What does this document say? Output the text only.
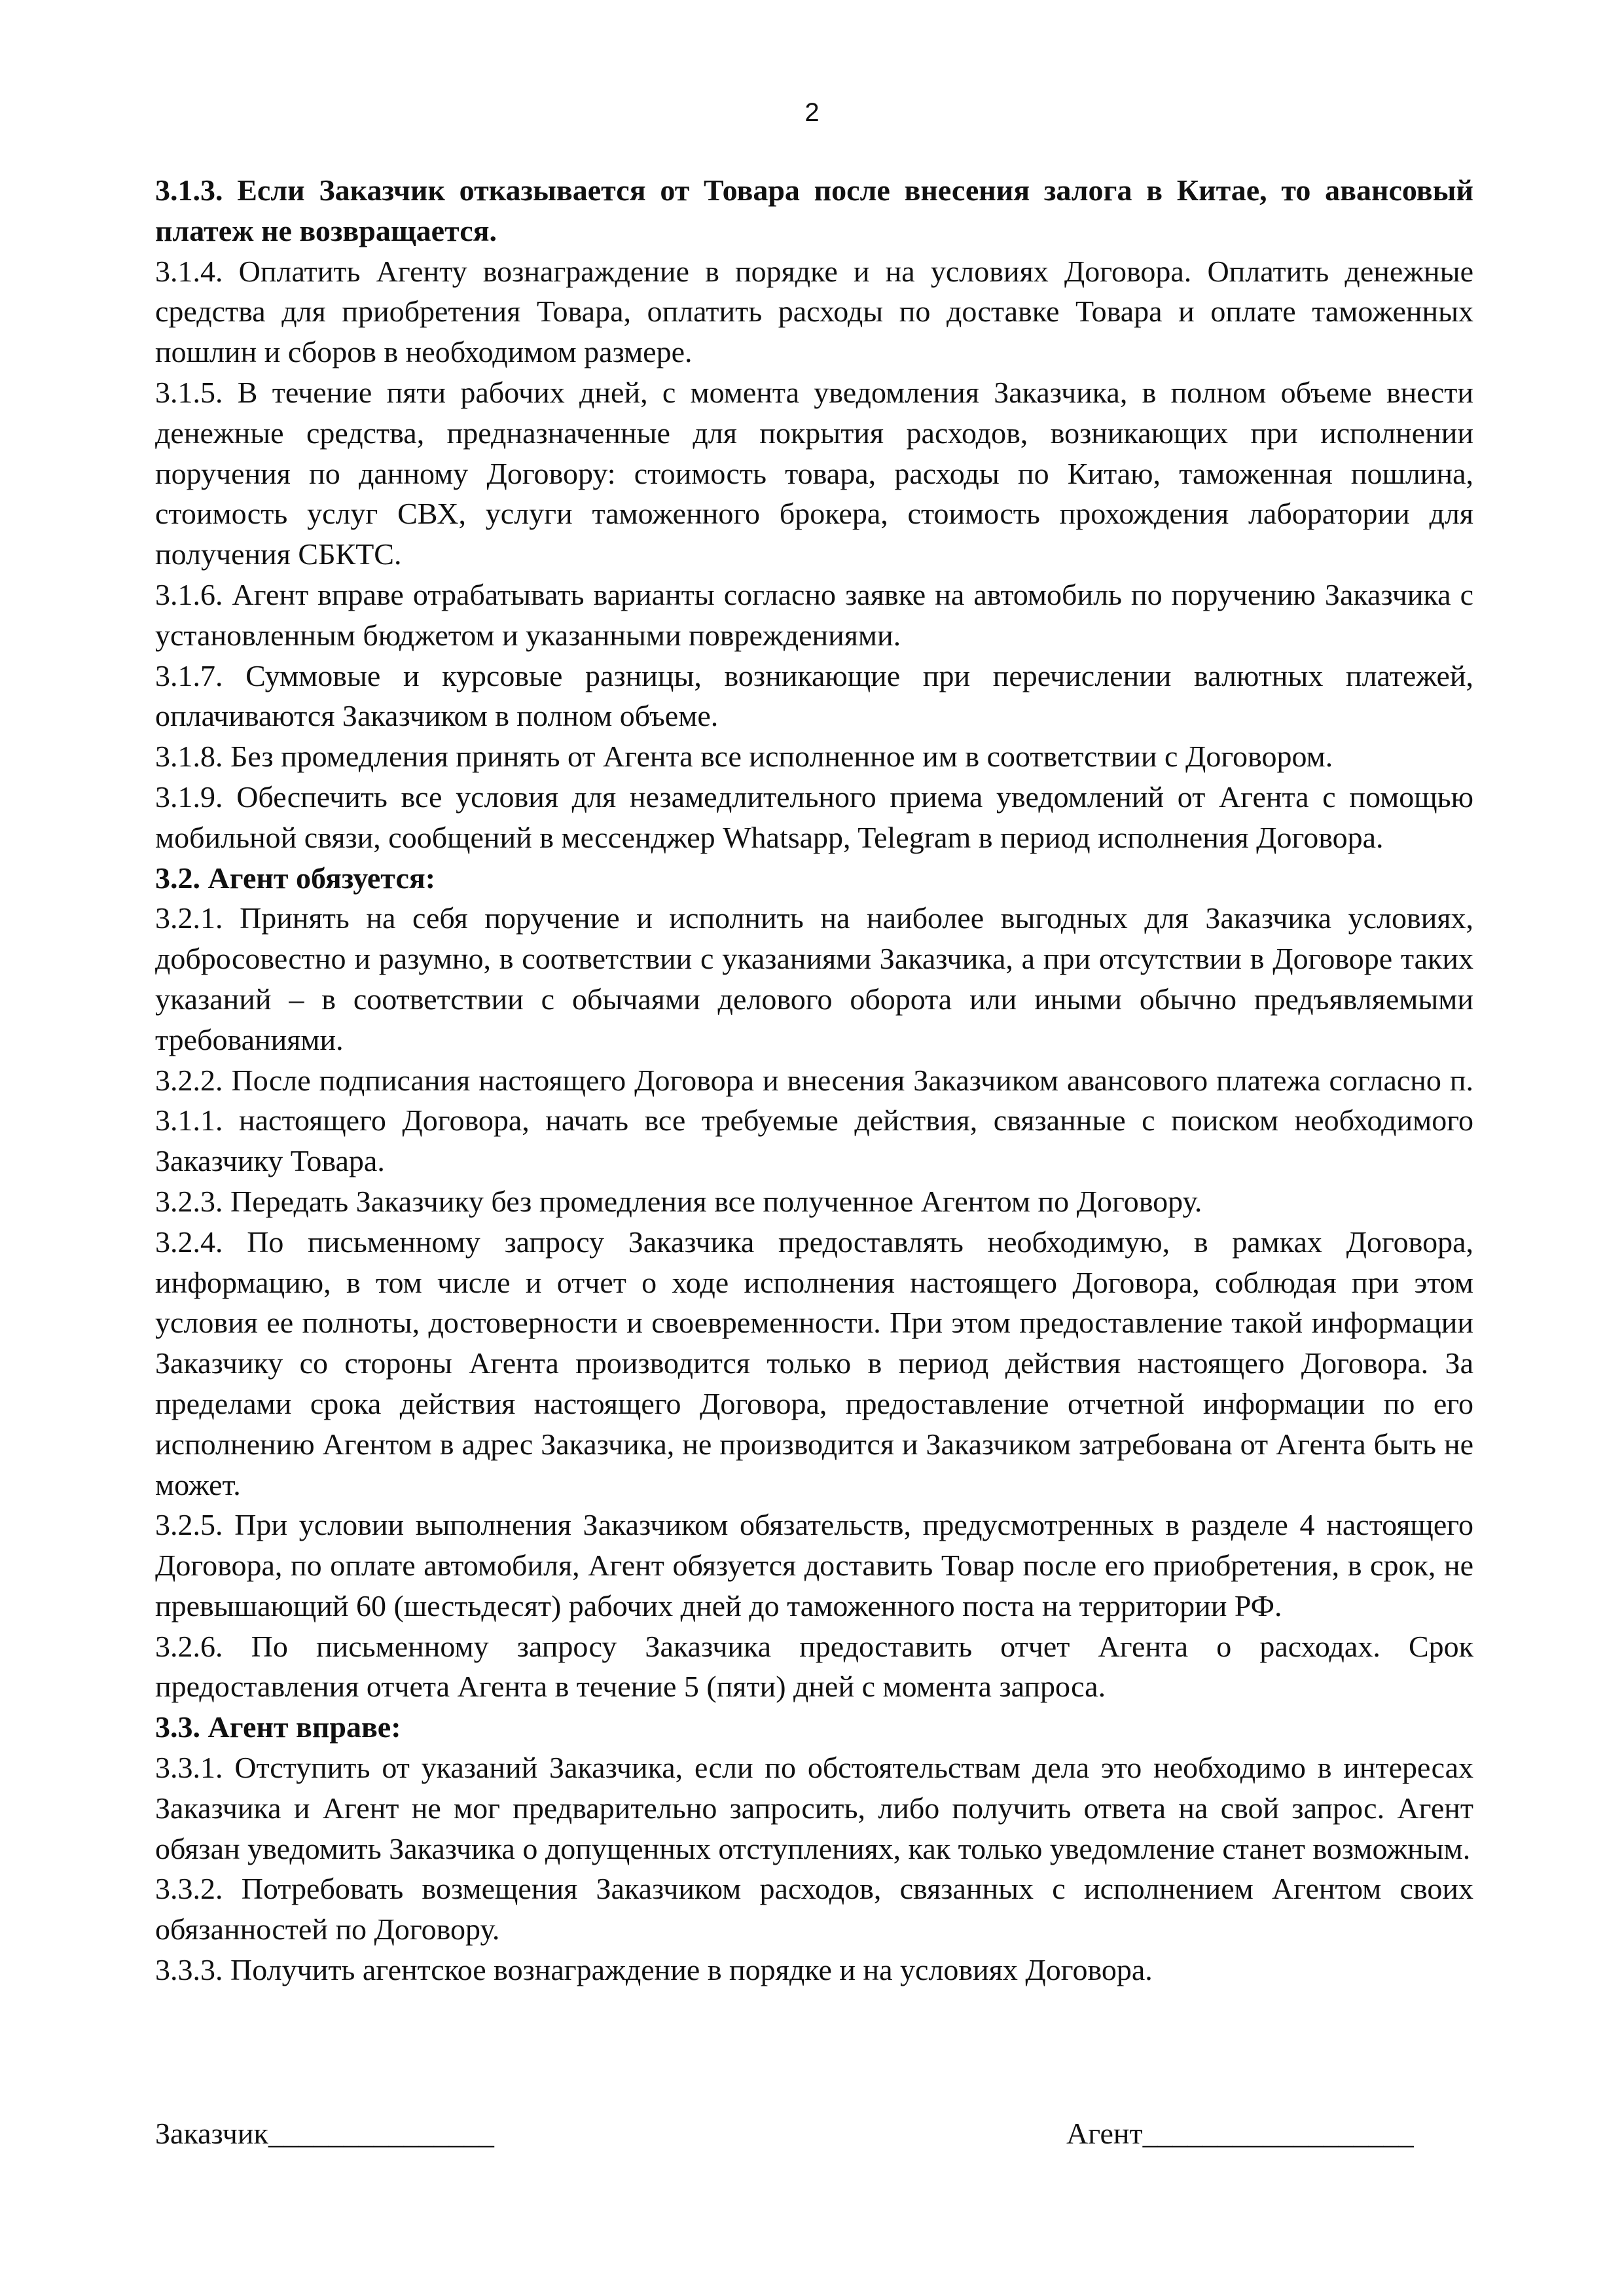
2

3.1.3. Если Заказчик отказывается от Товара после внесения залога в Китае, то авансовый платеж не возвращается.

3.1.4. Оплатить Агенту вознаграждение в порядке и на условиях Договора. Оплатить денежные средства для приобретения Товара, оплатить расходы по доставке Товара и оплате таможенных пошлин и сборов в необходимом размере.

3.1.5. В течение пяти рабочих дней, с момента уведомления Заказчика, в полном объеме внести денежные средства, предназначенные для покрытия расходов, возникающих при исполнении поручения по данному Договору: стоимость товара, расходы по Китаю, таможенная пошлина, стоимость услуг СВХ, услуги таможенного брокера, стоимость прохождения лаборатории для получения СБКТС.

3.1.6. Агент вправе отрабатывать варианты согласно заявке на автомобиль по поручению Заказчика с установленным бюджетом и указанными повреждениями.

3.1.7. Суммовые и курсовые разницы, возникающие при перечислении валютных платежей, оплачиваются Заказчиком в полном объеме.

3.1.8. Без промедления принять от Агента все исполненное им в соответствии с Договором.

3.1.9. Обеспечить все условия для незамедлительного приема уведомлений от Агента с помощью мобильной связи, сообщений в мессенджер Whatsapp, Telegram в период исполнения Договора.

3.2. Агент обязуется:

3.2.1. Принять на себя поручение и исполнить на наиболее выгодных для Заказчика условиях, добросовестно и разумно, в соответствии с указаниями Заказчика, а при отсутствии в Договоре таких указаний – в соответствии с обычаями делового оборота или иными обычно предъявляемыми требованиями.

3.2.2. После подписания настоящего Договора и внесения Заказчиком авансового платежа согласно п. 3.1.1. настоящего Договора, начать все требуемые действия, связанные с поиском необходимого Заказчику Товара.

3.2.3. Передать Заказчику без промедления все полученное Агентом по Договору.

3.2.4. По письменному запросу Заказчика предоставлять необходимую, в рамках Договора, информацию, в том числе и отчет о ходе исполнения настоящего Договора, соблюдая при этом условия ее полноты, достоверности и своевременности. При этом предоставление такой информации Заказчику со стороны Агента производится только в период действия настоящего Договора. За пределами срока действия настоящего Договора, предоставление отчетной информации по его исполнению Агентом в адрес Заказчика, не производится и Заказчиком затребована от Агента быть не может.

3.2.5. При условии выполнения Заказчиком обязательств, предусмотренных в разделе 4 настоящего Договора, по оплате автомобиля, Агент обязуется доставить Товар после его приобретения, в срок, не превышающий 60 (шестьдесят) рабочих дней до таможенного поста на территории РФ.

3.2.6. По письменному запросу Заказчика предоставить отчет Агента о расходах. Срок предоставления отчета Агента в течение 5 (пяти) дней с момента запроса.

3.3. Агент вправе:

3.3.1. Отступить от указаний Заказчика, если по обстоятельствам дела это необходимо в интересах Заказчика и Агент не мог предварительно запросить, либо получить ответа на свой запрос. Агент обязан уведомить Заказчика о допущенных отступлениях, как только уведомление станет возможным.

3.3.2. Потребовать возмещения Заказчиком расходов, связанных с исполнением Агентом своих обязанностей по Договору.

3.3.3. Получить агентское вознаграждение в порядке и на условиях Договора.

Заказчик_______________	Агент__________________
